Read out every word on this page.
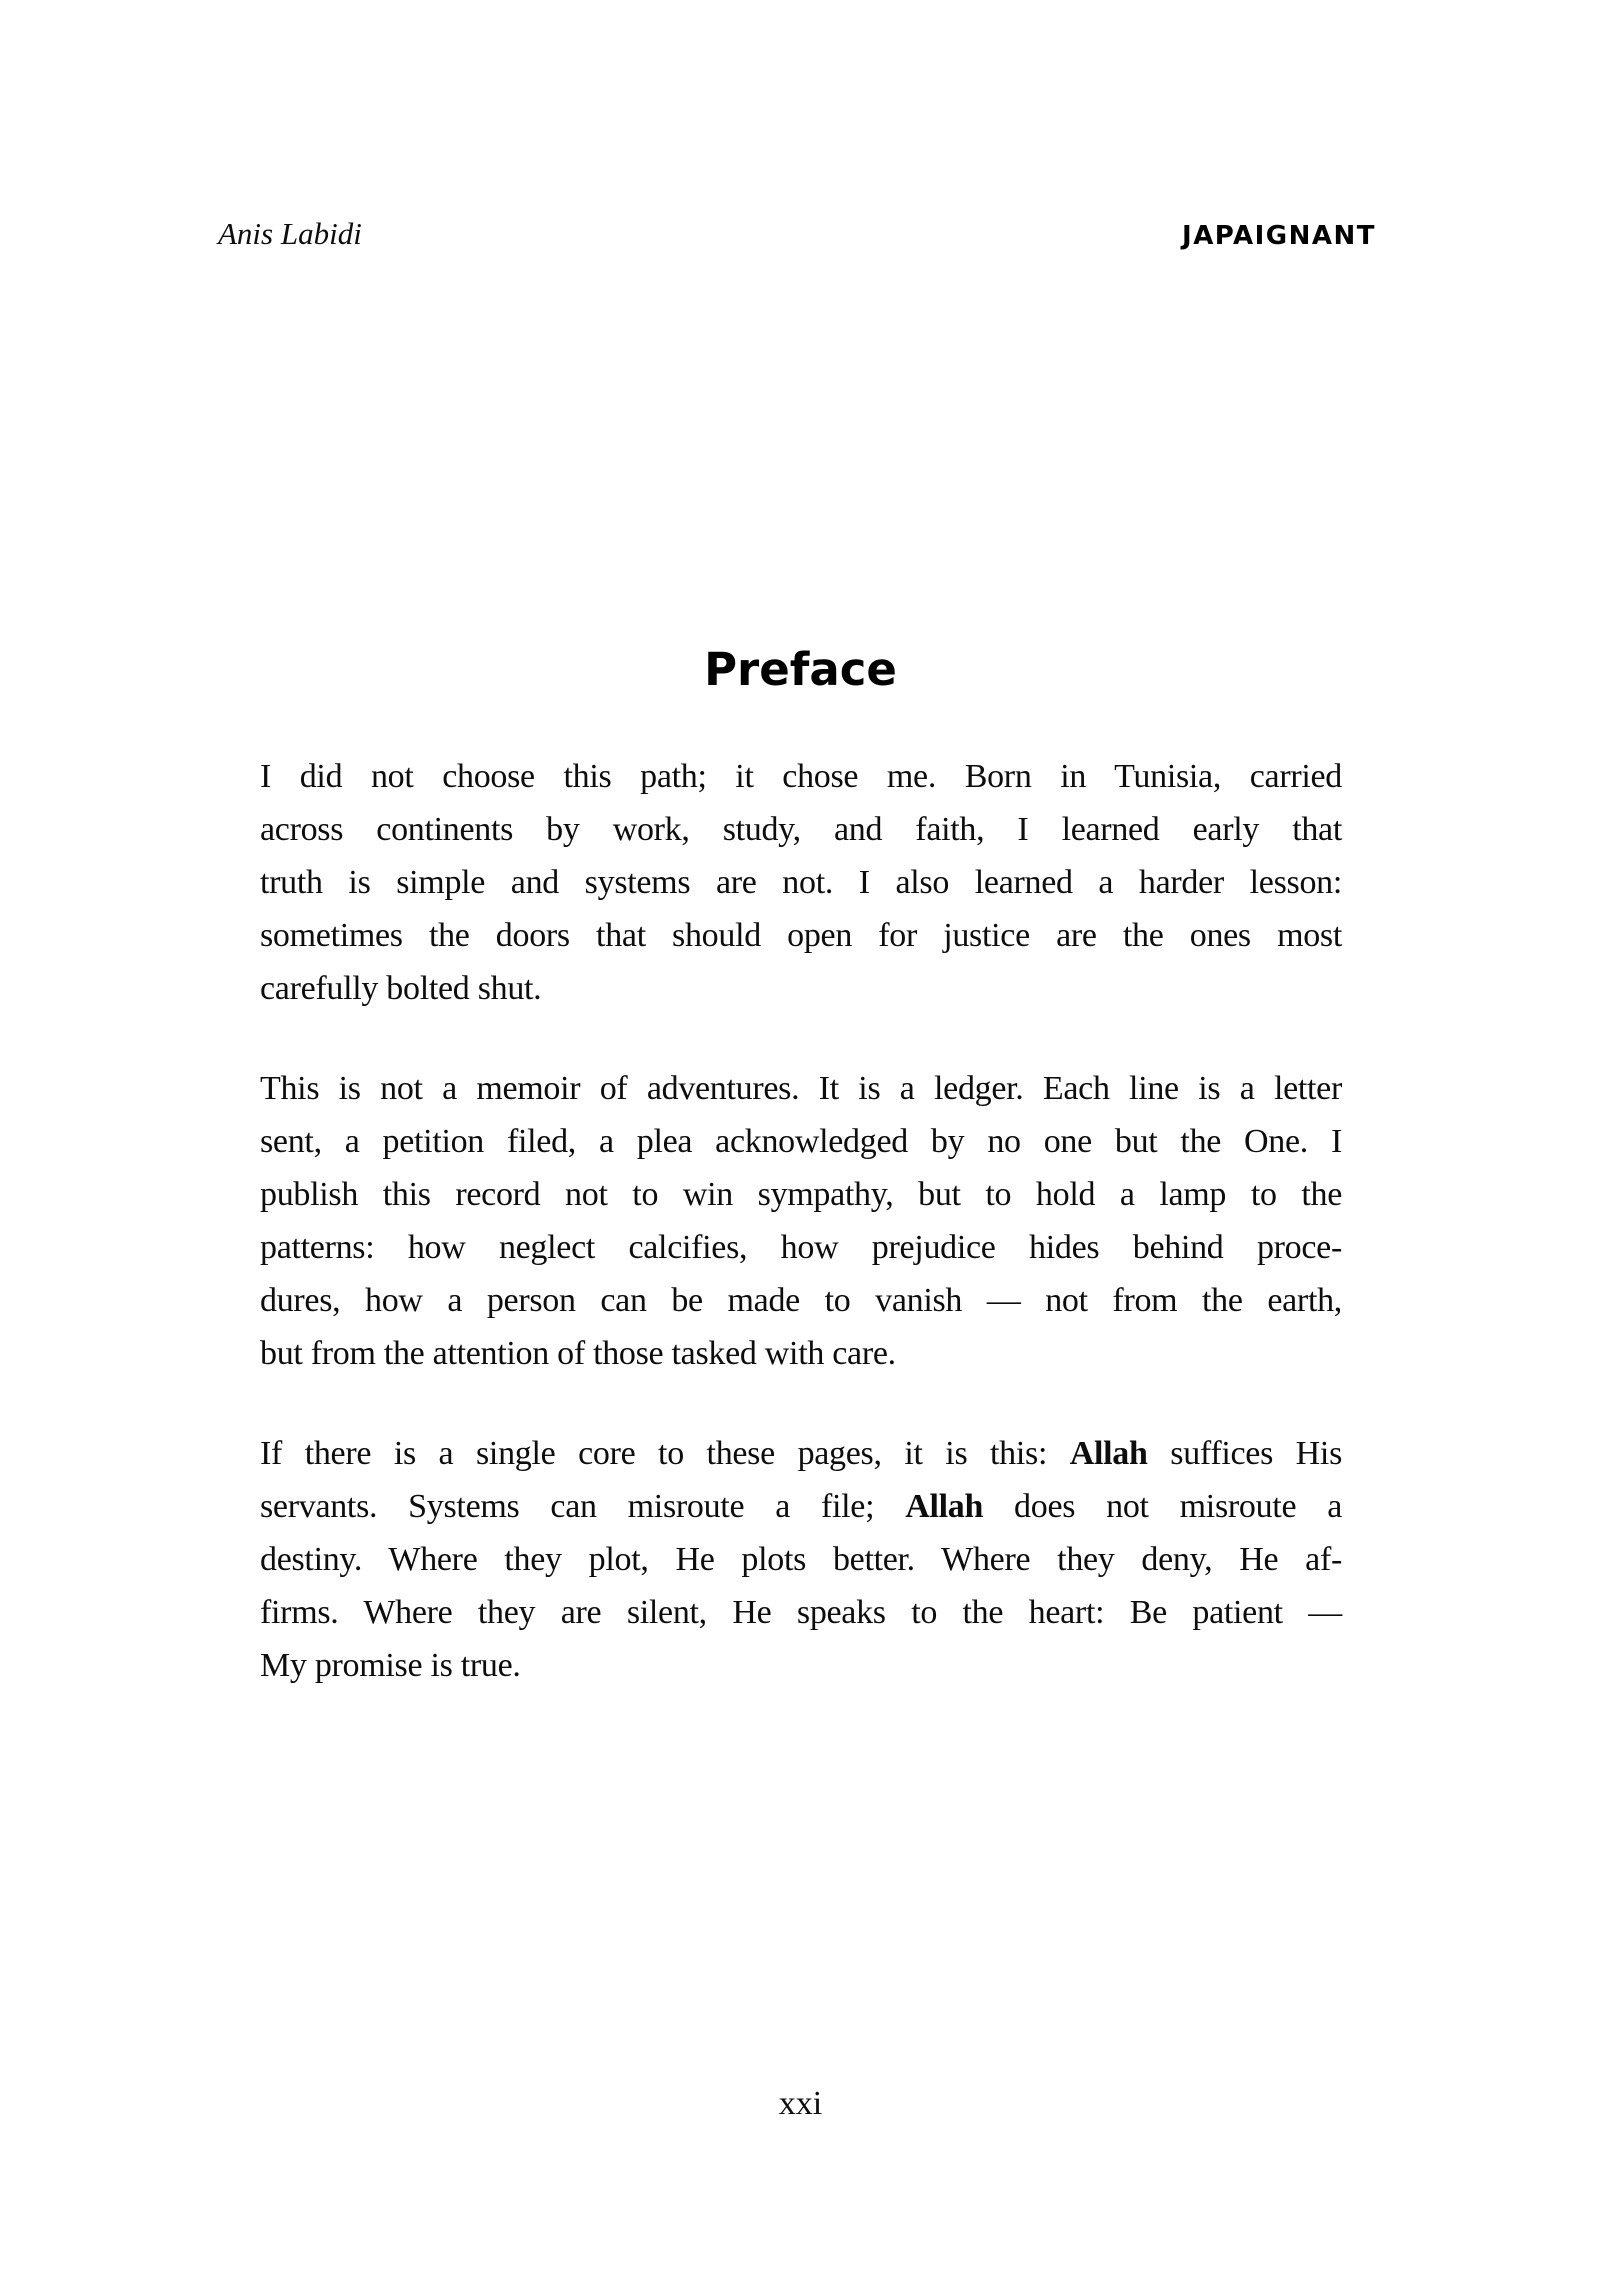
Anis Labidi	JAPAIGNANT
Preface
I did not choose this path; it chose me. Born in Tunisia, carried
across continents by work, study, and faith, I learned early that
truth is simple and systems are not. I also learned a harder lesson:
sometimes the doors that should open for justice are the ones most
carefully bolted shut.
This is not a memoir of adventures. It is a ledger. Each line is a letter
sent, a petition filed, a plea acknowledged by no one but the One. I
publish this record not to win sympathy, but to hold a lamp to the
patterns: how neglect calcifies, how prejudice hides behind proce-
dures, how a person can be made to vanish — not from the earth,
but from the attention of those tasked with care.
If there is a single core to these pages, it is this: Allah suffices His
servants. Systems can misroute a file; Allah does not misroute a
destiny. Where they plot, He plots better. Where they deny, He af-
firms. Where they are silent, He speaks to the heart: Be patient —
My promise is true.
xxi
